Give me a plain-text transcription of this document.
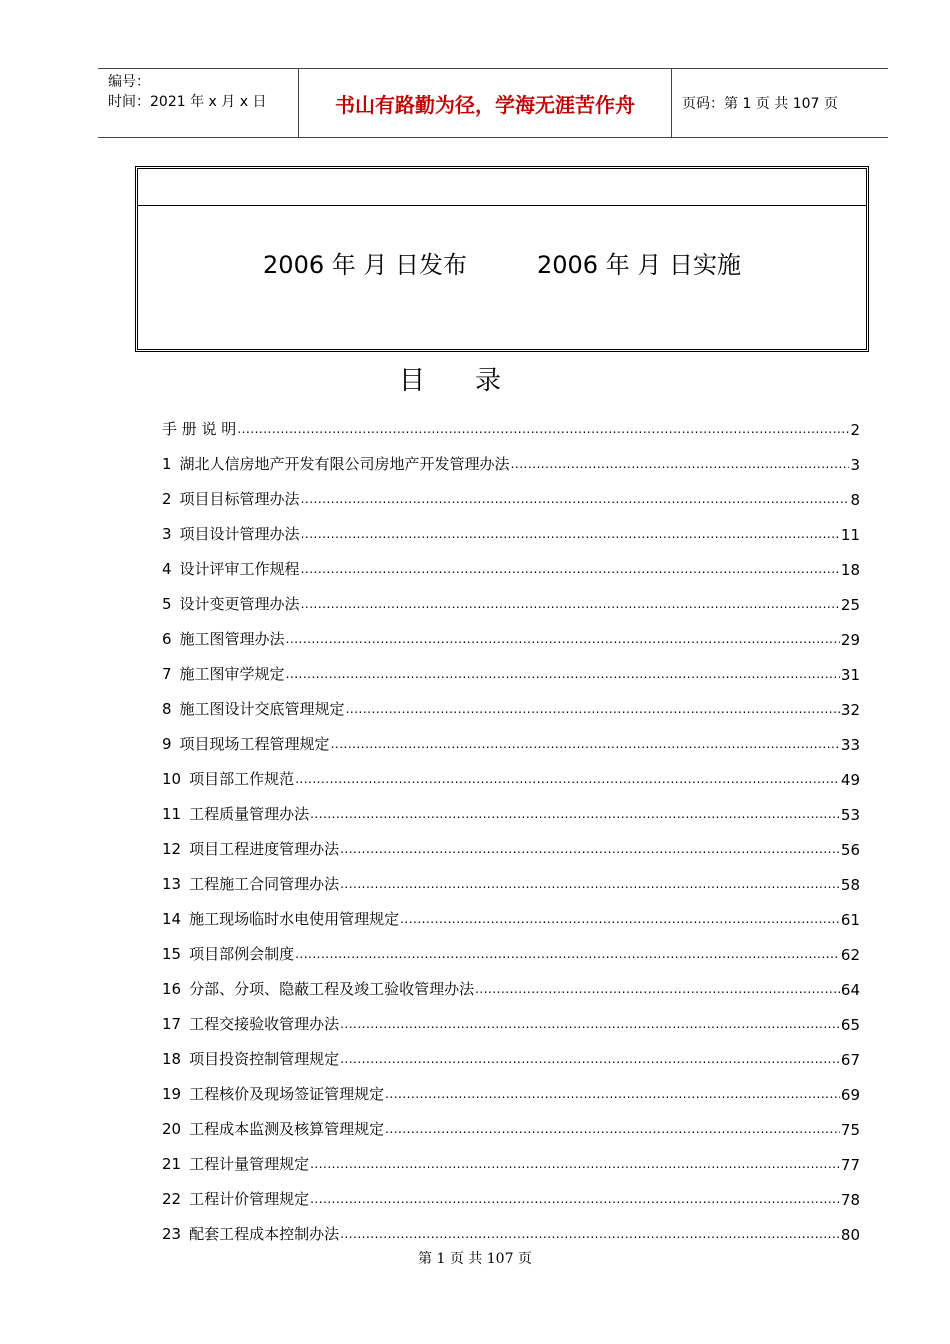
编号：
时间：2021 年 x 月 x 日	书山有路勤为径，学海无涯苦作舟	页码：第 1 页 共 107 页
2006 年 月 日发布	2006 年 月 日实施
目录
手 册 说 明 .....	2
1 湖北人信房地产开发有限公司房地产开发管理办法 .....	3
2 项目目标管理办法 .....	8
3 项目设计管理办法 .....	11
4 设计评审工作规程 .....	18
5 设计变更管理办法 .....	25
6 施工图管理办法 .....	29
7 施工图审学规定 .....	31
8 施工图设计交底管理规定 .....	32
9 项目现场工程管理规定 .....	33
10 项目部工作规范 .....	49
11 工程质量管理办法 .....	53
12 项目工程进度管理办法 .....	56
13 工程施工合同管理办法 .....	58
14 施工现场临时水电使用管理规定 .....	61
15 项目部例会制度 .....	62
16 分部、分项、隐蔽工程及竣工验收管理办法 .....	64
17 工程交接验收管理办法 .....	65
18 项目投资控制管理规定 .....	67
19 工程核价及现场签证管理规定 .....	69
20 工程成本监测及核算管理规定 .....	75
21 工程计量管理规定 .....	77
22 工程计价管理规定 .....	78
23 配套工程成本控制办法 .....	80
第 1 页 共 107 页
